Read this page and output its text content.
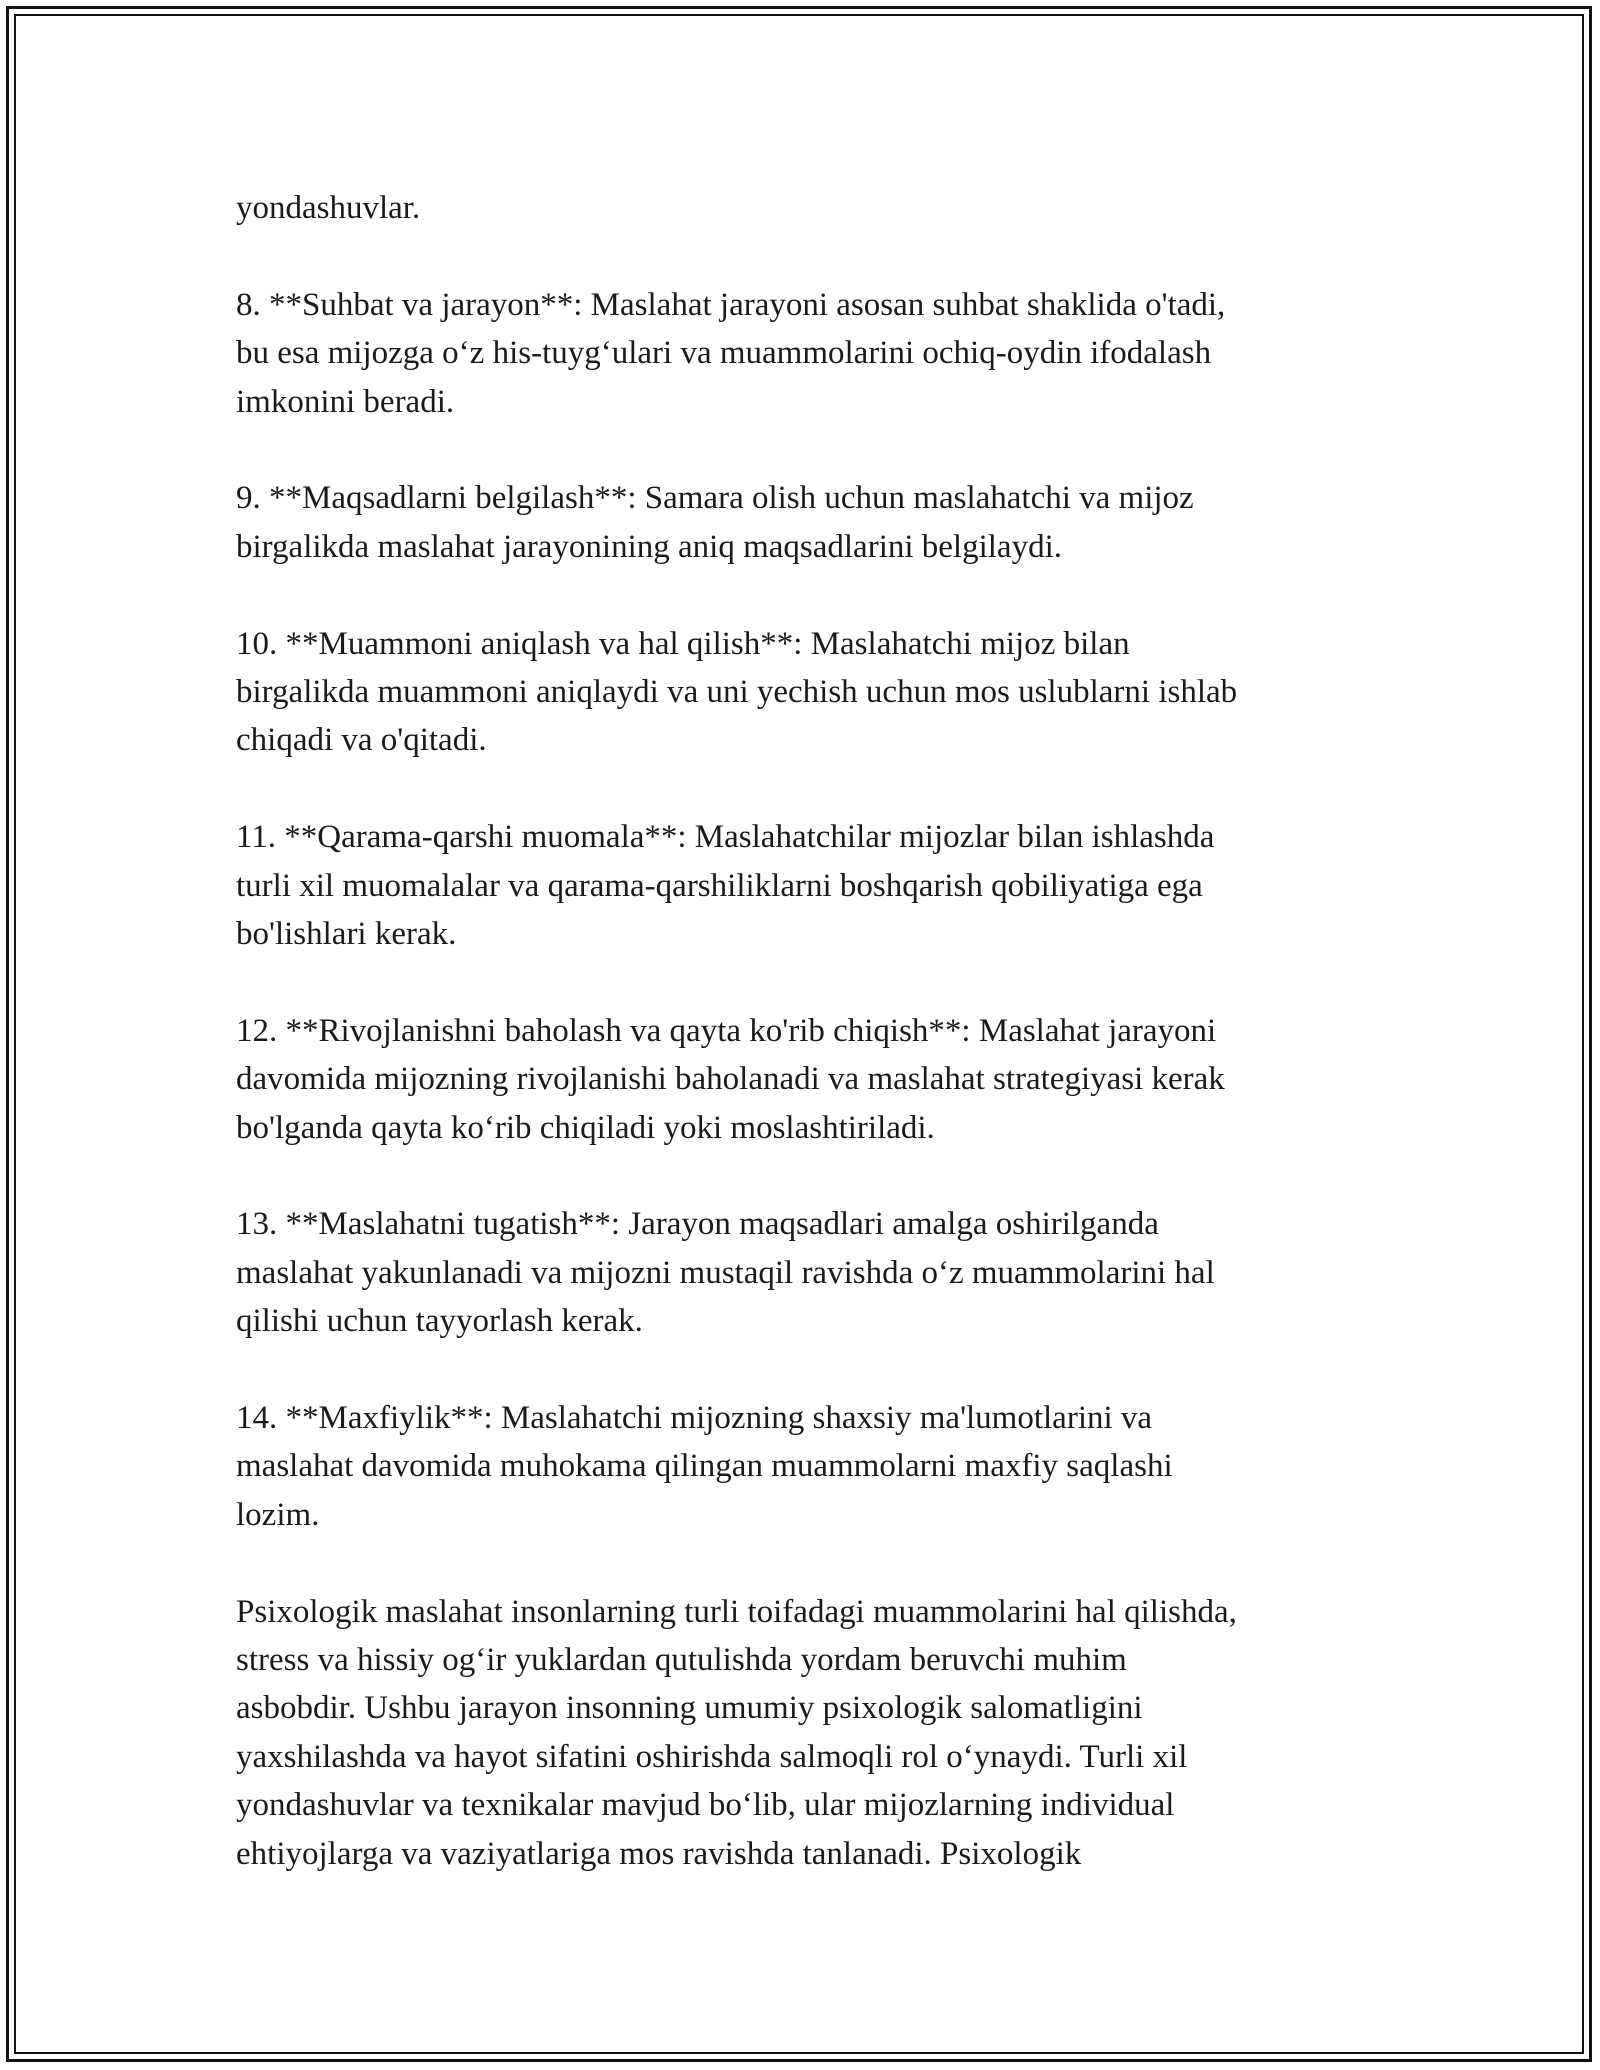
yondashuvlar.

8. **Suhbat va jarayon**: Maslahat jarayoni asosan suhbat shaklida o'tadi,
bu esa mijozga o‘z his-tuyg‘ulari va muammolarini ochiq-oydin ifodalash
imkonini beradi.

9. **Maqsadlarni belgilash**: Samara olish uchun maslahatchi va mijoz
birgalikda maslahat jarayonining aniq maqsadlarini belgilaydi.

10. **Muammoni aniqlash va hal qilish**: Maslahatchi mijoz bilan
birgalikda muammoni aniqlaydi va uni yechish uchun mos uslublarni ishlab
chiqadi va o'qitadi.

11. **Qarama-qarshi muomala**: Maslahatchilar mijozlar bilan ishlashda
turli xil muomalalar va qarama-qarshiliklarni boshqarish qobiliyatiga ega
bo'lishlari kerak.

12. **Rivojlanishni baholash va qayta ko'rib chiqish**: Maslahat jarayoni
davomida mijozning rivojlanishi baholanadi va maslahat strategiyasi kerak
bo'lganda qayta ko‘rib chiqiladi yoki moslashtiriladi.

13. **Maslahatni tugatish**: Jarayon maqsadlari amalga oshirilganda
maslahat yakunlanadi va mijozni mustaqil ravishda o‘z muammolarini hal
qilishi uchun tayyorlash kerak.

14. **Maxfiylik**: Maslahatchi mijozning shaxsiy ma'lumotlarini va
maslahat davomida muhokama qilingan muammolarni maxfiy saqlashi
lozim.

Psixologik maslahat insonlarning turli toifadagi muammolarini hal qilishda,
stress va hissiy og‘ir yuklardan qutulishda yordam beruvchi muhim
asbobdir. Ushbu jarayon insonning umumiy psixologik salomatligini
yaxshilashda va hayot sifatini oshirishda salmoqli rol o‘ynaydi. Turli xil
yondashuvlar va texnikalar mavjud bo‘lib, ular mijozlarning individual
ehtiyojlarga va vaziyatlariga mos ravishda tanlanadi. Psixologik
